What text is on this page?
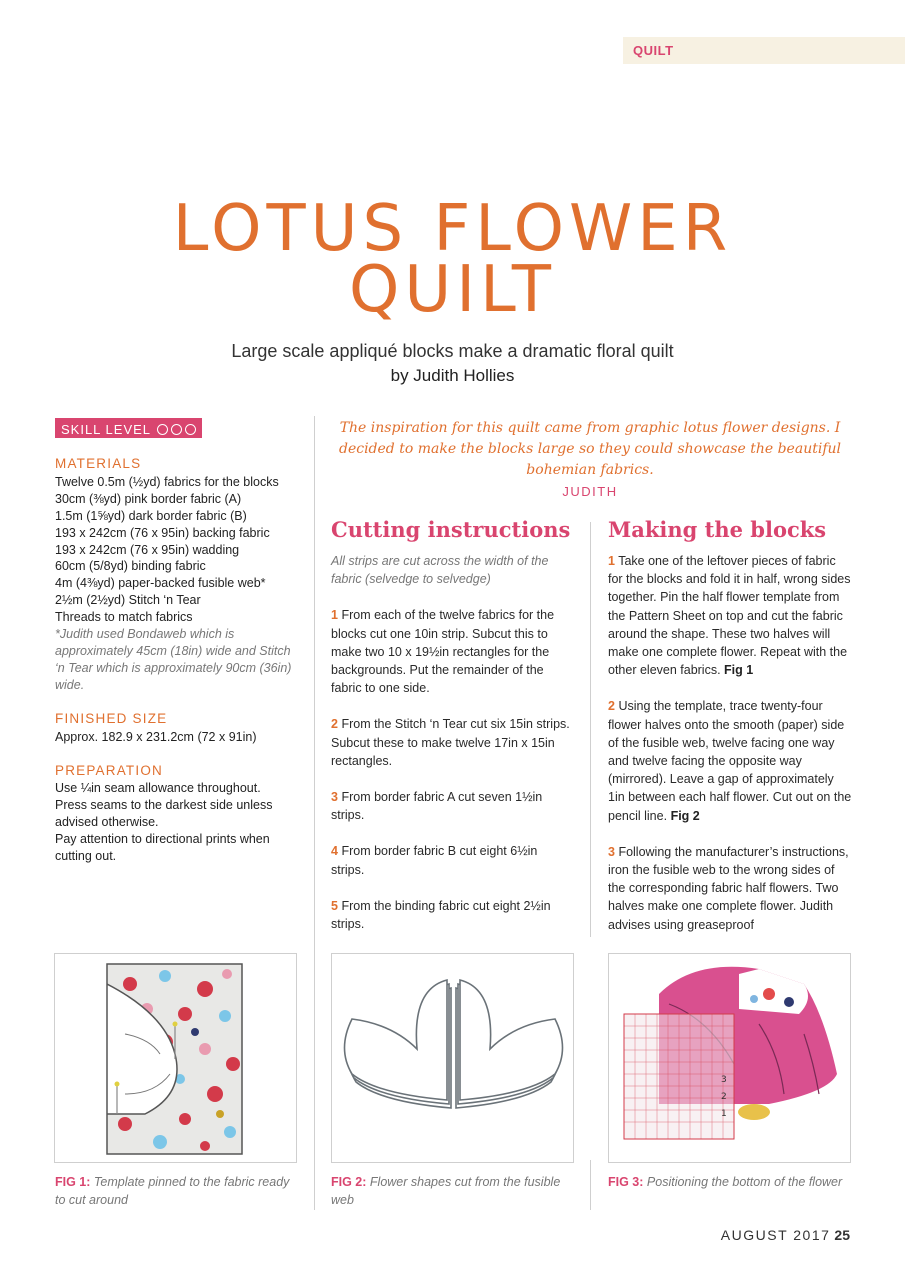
QUILT
LOTUS FLOWER
QUILT
Large scale appliqué blocks make a dramatic floral quilt
by Judith Hollies
SKILL LEVEL
MATERIALS
Twelve 0.5m (½yd) fabrics for the blocks
30cm (⅜yd) pink border fabric (A)
1.5m (1⅝yd) dark border fabric (B)
193 x 242cm (76 x 95in) backing fabric
193 x 242cm (76 x 95in) wadding
60cm (5/8yd) binding fabric
4m (4⅜yd) paper-backed fusible web*
2½m (2½yd) Stitch ‘n Tear
Threads to match fabrics
*Judith used Bondaweb which is approximately 45cm (18in) wide and Stitch ‘n Tear which is approximately 90cm (36in) wide.
FINISHED SIZE
Approx. 182.9 x 231.2cm (72 x 91in)
PREPARATION
Use ¼in seam allowance throughout.
Press seams to the darkest side unless advised otherwise.
Pay attention to directional prints when cutting out.
The inspiration for this quilt came from graphic lotus flower designs. I decided to make the blocks large so they could showcase the beautiful bohemian fabrics.
JUDITH
Cutting instructions

All strips are cut across the width of the fabric (selvedge to selvedge)

1 From each of the twelve fabrics for the blocks cut one 10in strip. Subcut this to make two 10 x 19½in rectangles for the backgrounds. Put the remainder of the fabric to one side.

2 From the Stitch ‘n Tear cut six 15in strips. Subcut these to make twelve 17in x 15in rectangles.

3 From border fabric A cut seven 1½in strips.

4 From border fabric B cut eight 6½in strips.

5 From the binding fabric cut eight 2½in strips.

Making the blocks

1 Take one of the leftover pieces of fabric for the blocks and fold it in half, wrong sides together. Pin the half flower template from the Pattern Sheet on top and cut the fabric around the shape. These two halves will make one complete flower. Repeat with the other eleven fabrics. Fig 1

2 Using the template, trace twenty-four flower halves onto the smooth (paper) side of the fusible web, twelve facing one way and twelve facing the opposite way (mirrored). Leave a gap of approximately 1in between each half flower. Cut out on the pencil line. Fig 2

3 Following the manufacturer’s instructions, iron the fusible web to the wrong sides of the corresponding fabric half flowers. Two halves make one complete flower. Judith advises using greaseproof

3
2
1
FIG 1: Template pinned to the fabric ready to cut around
FIG 2: Flower shapes cut from the fusible web
FIG 3: Positioning the bottom of the flower
AUGUST 2017 25
